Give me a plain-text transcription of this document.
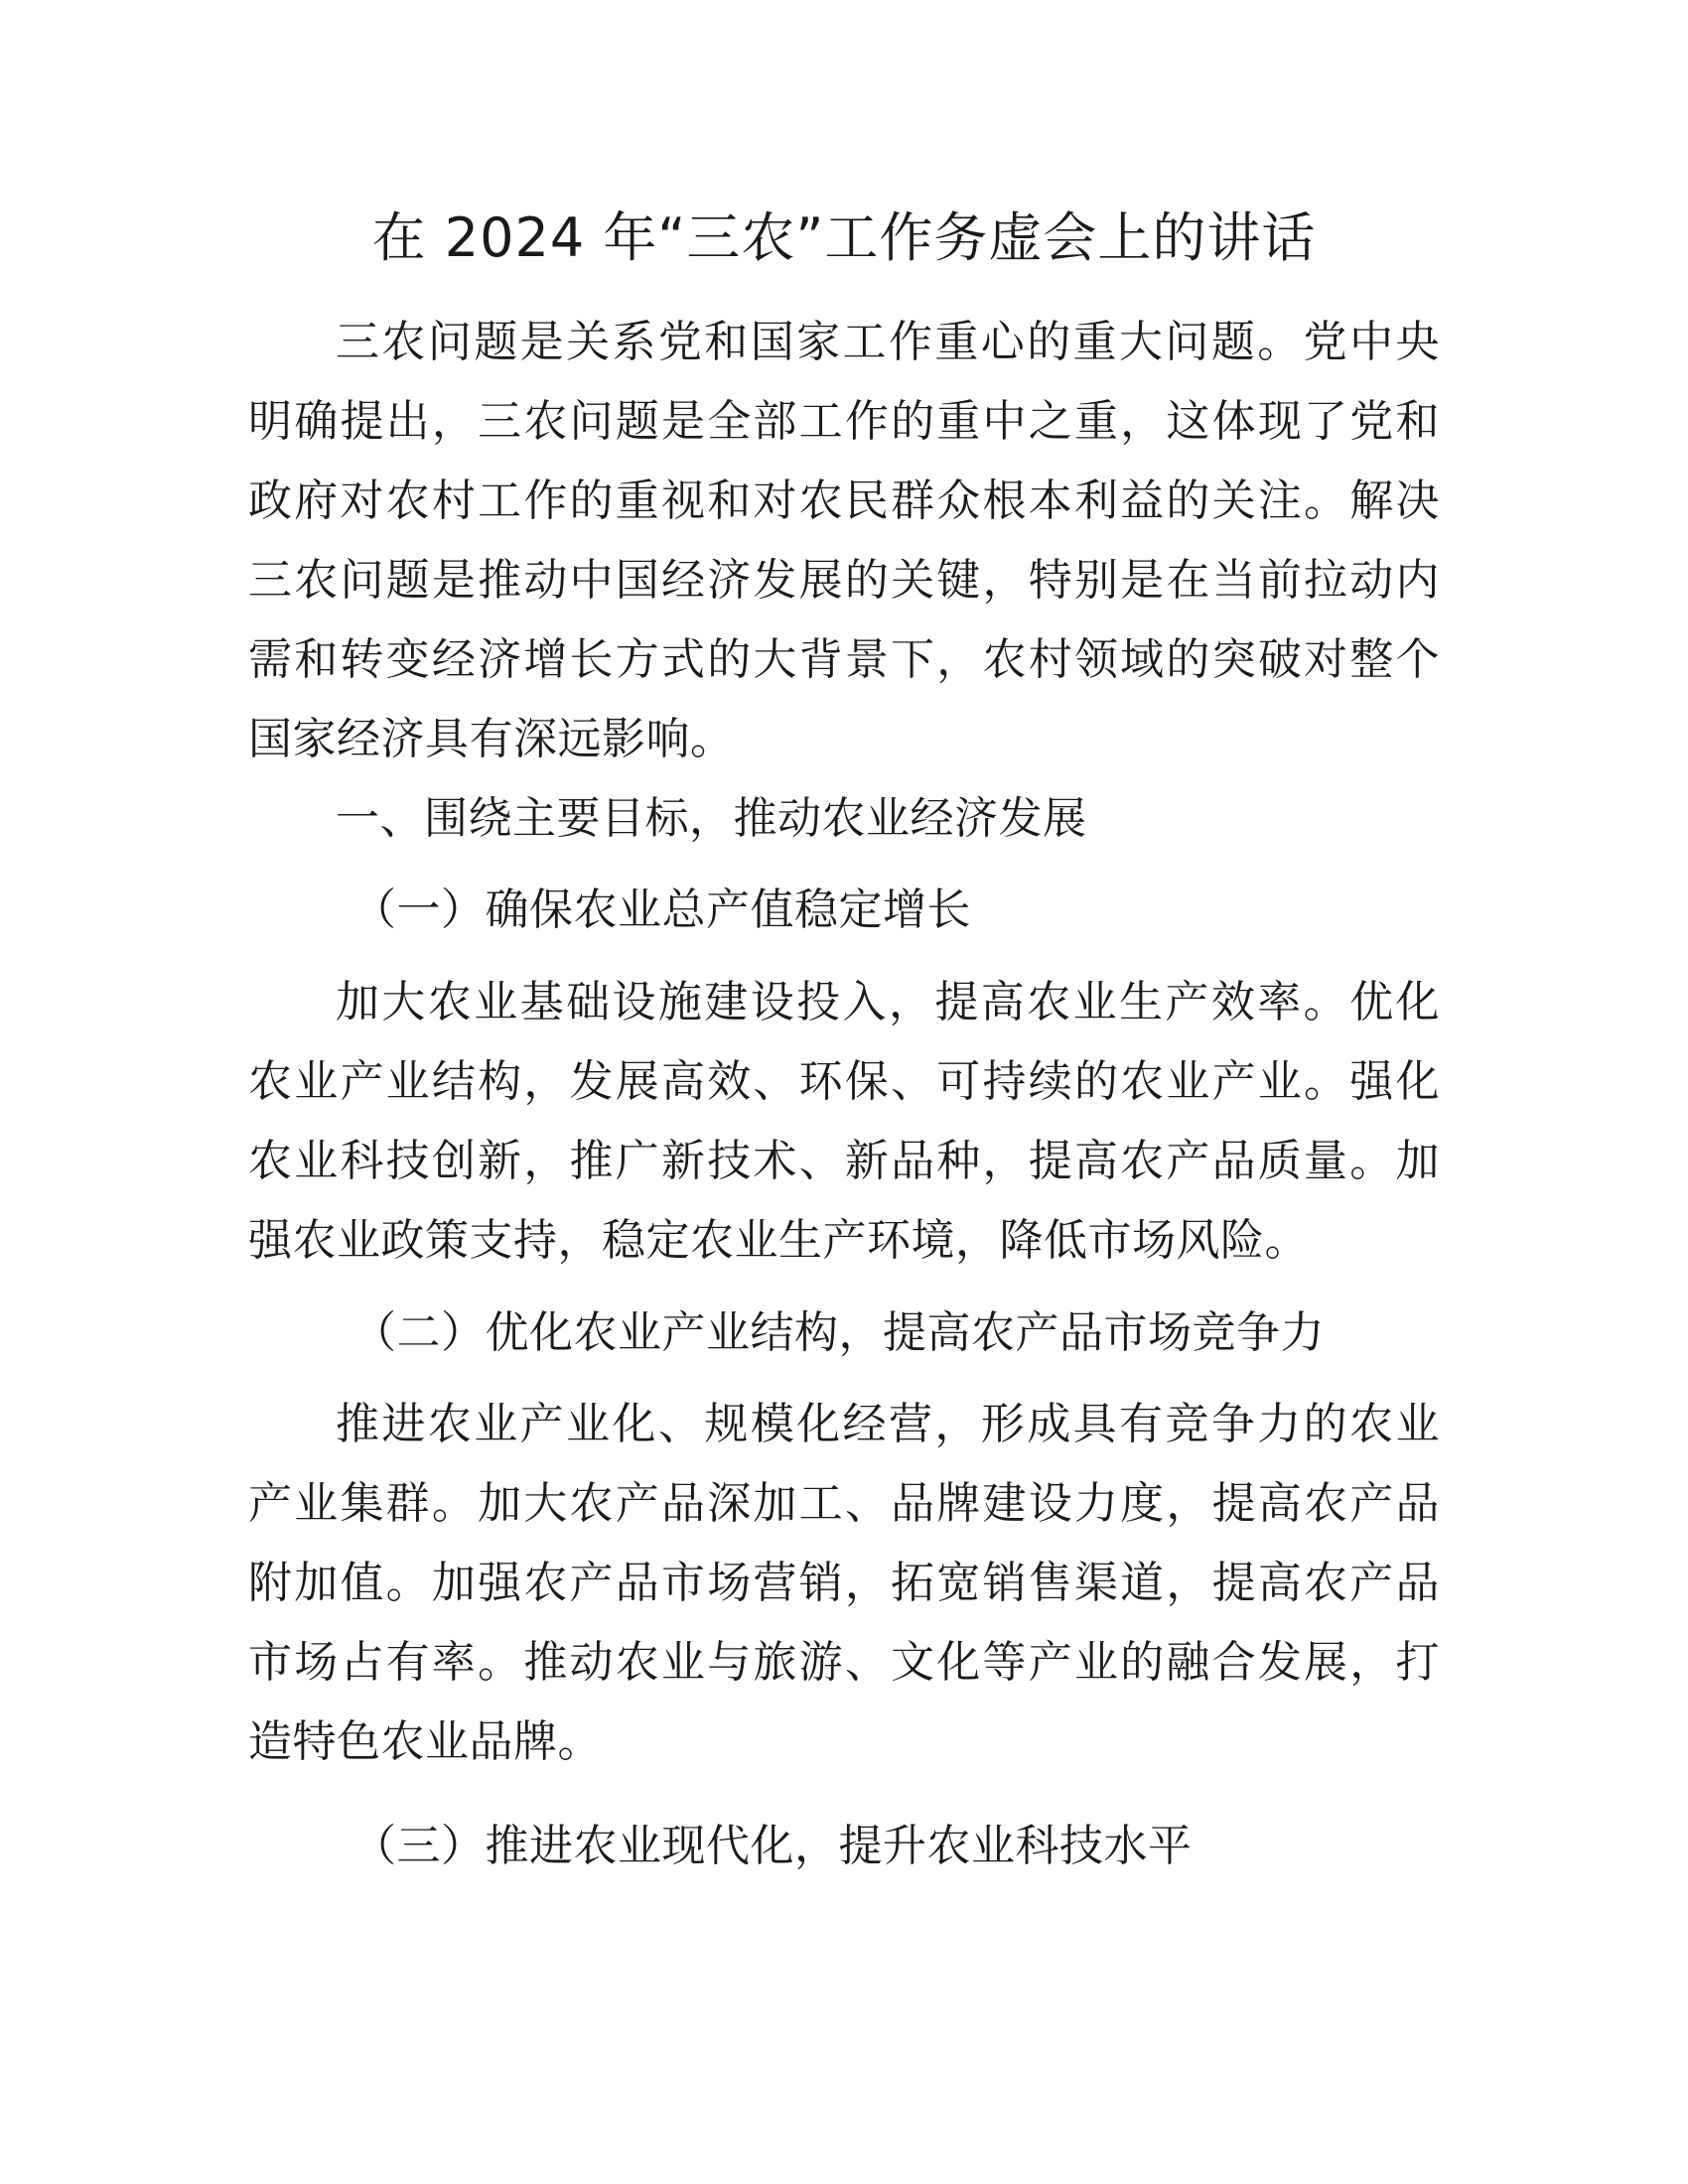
在 2024 年“三农”工作务虚会上的讲话

三农问题是关系党和国家工作重心的重大问题。党中央明确提出，三农问题是全部工作的重中之重，这体现了党和政府对农村工作的重视和对农民群众根本利益的关注。解决三农问题是推动中国经济发展的关键，特别是在当前拉动内需和转变经济增长方式的大背景下，农村领域的突破对整个国家经济具有深远影响。

一、围绕主要目标，推动农业经济发展

（一）确保农业总产值稳定增长

加大农业基础设施建设投入，提高农业生产效率。优化农业产业结构，发展高效、环保、可持续的农业产业。强化农业科技创新，推广新技术、新品种，提高农产品质量。加强农业政策支持，稳定农业生产环境，降低市场风险。

（二）优化农业产业结构，提高农产品市场竞争力

推进农业产业化、规模化经营，形成具有竞争力的农业产业集群。加大农产品深加工、品牌建设力度，提高农产品附加值。加强农产品市场营销，拓宽销售渠道，提高农产品市场占有率。推动农业与旅游、文化等产业的融合发展，打造特色农业品牌。

（三）推进农业现代化，提升农业科技水平
